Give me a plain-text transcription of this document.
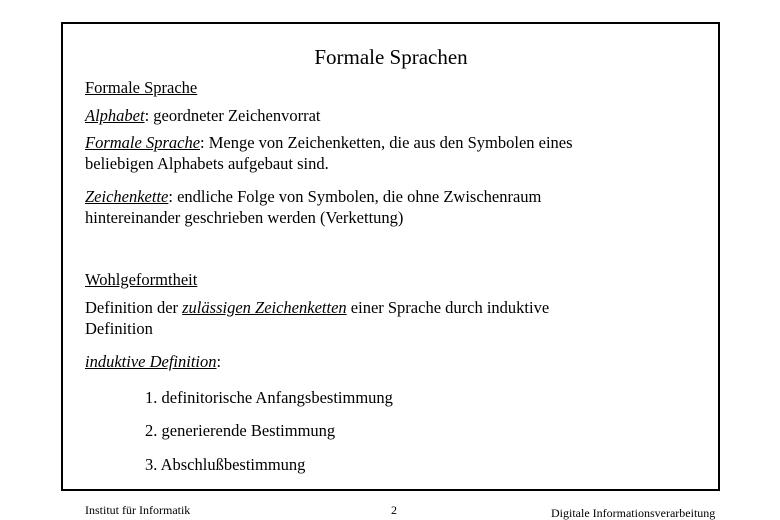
Formale Sprachen
Formale Sprache
Alphabet: geordneter Zeichenvorrat
Formale Sprache: Menge von Zeichenketten, die aus den Symbolen eines
beliebigen Alphabets aufgebaut sind.
Zeichenkette: endliche Folge von Symbolen, die ohne Zwischenraum
hintereinander geschrieben werden (Verkettung)
Wohlgeformtheit
Definition der zulässigen Zeichenketten einer Sprache durch induktive
Definition
induktive Definition:
1. definitorische Anfangsbestimmung
2. generierende Bestimmung
3. Abschlußbestimmung
Institut für Informatik	2	Digitale Informationsverarbeitung
